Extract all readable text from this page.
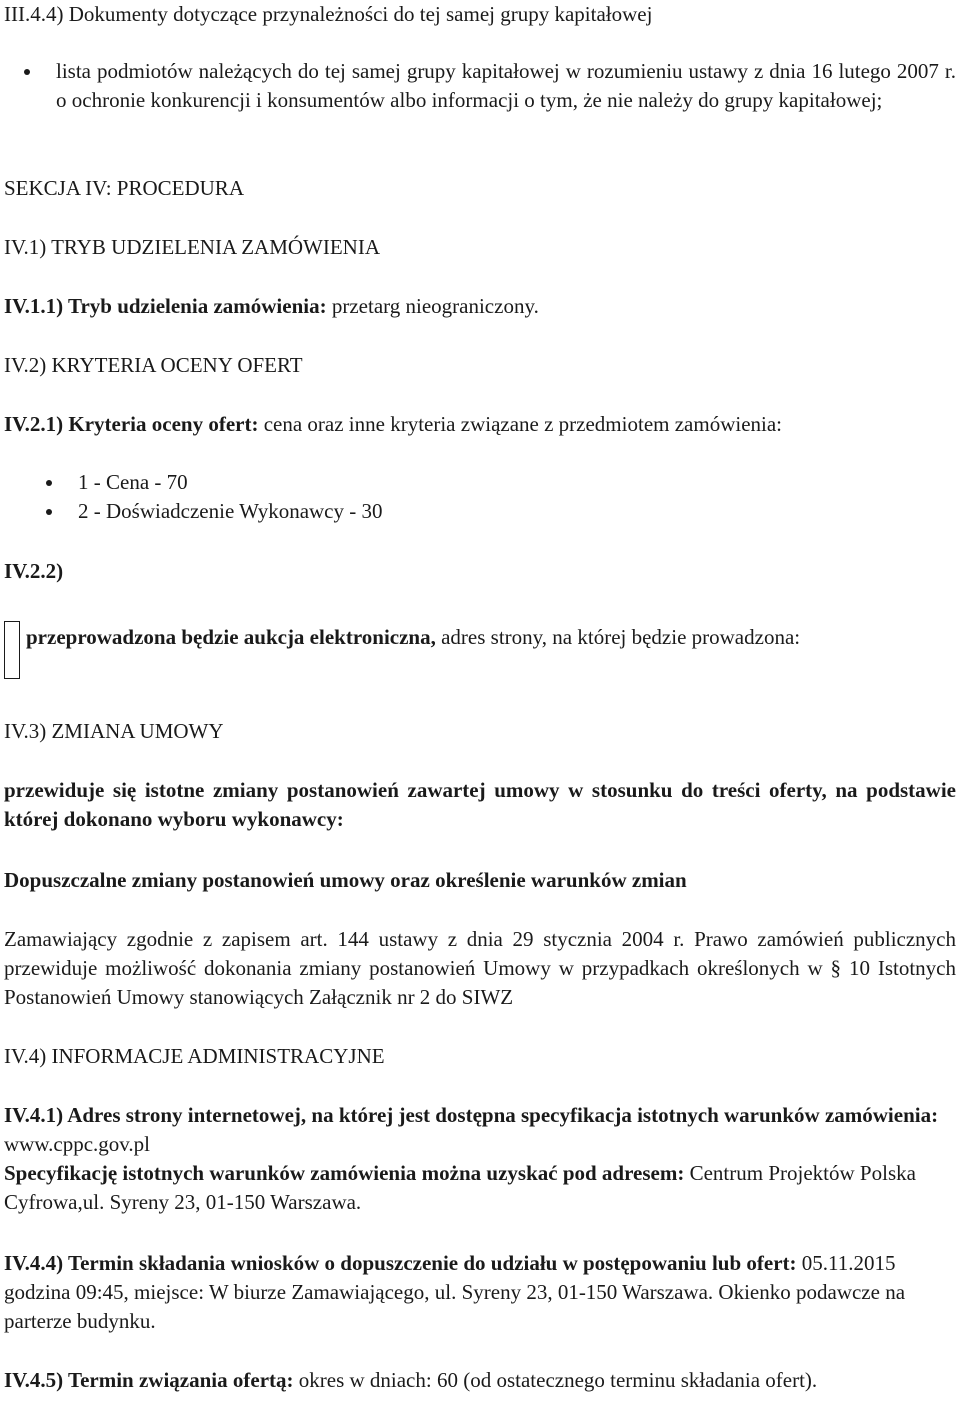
III.4.4) Dokumenty dotyczące przynależności do tej samej grupy kapitałowej

lista podmiotów należących do tej samej grupy kapitałowej w rozumieniu ustawy z dnia 16 lutego 2007 r. o ochronie konkurencji i konsumentów albo informacji o tym, że nie należy do grupy kapitałowej;

SEKCJA IV: PROCEDURA

IV.1) TRYB UDZIELENIA ZAMÓWIENIA

IV.1.1) Tryb udzielenia zamówienia: przetarg nieograniczony.

IV.2) KRYTERIA OCENY OFERT

IV.2.1) Kryteria oceny ofert: cena oraz inne kryteria związane z przedmiotem zamówienia:

1 - Cena - 70
2 - Doświadczenie Wykonawcy - 30

IV.2.2)

przeprowadzona będzie aukcja elektroniczna, adres strony, na której będzie prowadzona:

IV.3) ZMIANA UMOWY

przewiduje się istotne zmiany postanowień zawartej umowy w stosunku do treści oferty, na podstawie której dokonano wyboru wykonawcy:

Dopuszczalne zmiany postanowień umowy oraz określenie warunków zmian

Zamawiający zgodnie z zapisem art. 144 ustawy z dnia 29 stycznia 2004 r. Prawo zamówień publicznych przewiduje możliwość dokonania zmiany postanowień Umowy w przypadkach określonych w § 10 Istotnych Postanowień Umowy stanowiących Załącznik nr 2 do SIWZ

IV.4) INFORMACJE ADMINISTRACYJNE

IV.4.1) Adres strony internetowej, na której jest dostępna specyfikacja istotnych warunków zamówienia: www.cppc.gov.pl

Specyfikację istotnych warunków zamówienia można uzyskać pod adresem: Centrum Projektów Polska Cyfrowa,ul. Syreny 23, 01-150 Warszawa.

IV.4.4) Termin składania wniosków o dopuszczenie do udziału w postępowaniu lub ofert: 05.11.2015 godzina 09:45, miejsce: W biurze Zamawiającego, ul. Syreny 23, 01-150 Warszawa. Okienko podawcze na parterze budynku.

IV.4.5) Termin związania ofertą: okres w dniach: 60 (od ostatecznego terminu składania ofert).
